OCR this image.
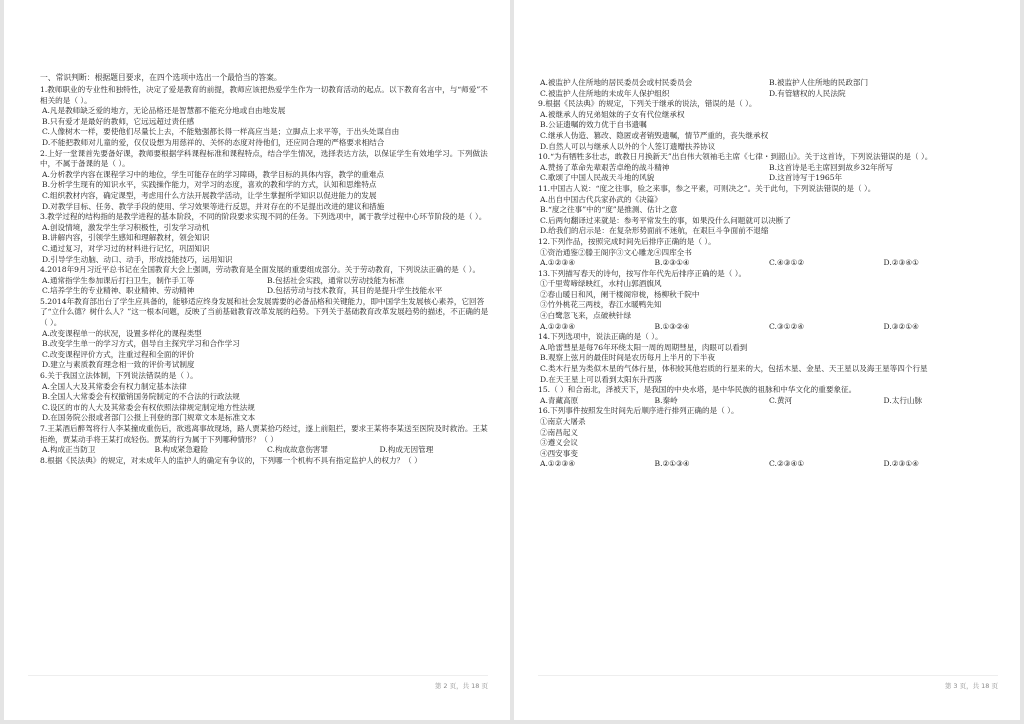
一、常识判断：根据题目要求，在四个选项中选出一个最恰当的答案。

1.教师职业的专业性和独特性，决定了爱是教育的前提，教师应该把热爱学生作为一切教育活动的起点。以下教育名言中，与“师爱”不相关的是（ ）。

A.凡是教师缺乏爱的地方，无论品格还是智慧都不能充分地或自由地发展

B.只有爱才是最好的教师，它远远超过责任感

C.人像树木一样，要使他们尽量长上去，不能勉强都长得一样高应当是；立脚点上求平等，于出头处谋自由

D.不能把教师对儿童的爱，仅仅设想为用慈祥的、关怀的态度对待他们，还应同合理的严格要求相结合

2.上好一堂课首先要备好课，教师要根据学科课程标准和课程特点，结合学生情况，选择表达方法，以保证学生有效地学习。下列做法中，不属于备课的是（ ）。

A.分析教学内容在课程学习中的地位，学生可能存在的学习障碍，教学目标的具体内容，教学的重难点

B.分析学生现有的知识水平，实践操作能力，对学习的态度，喜欢的教和学的方式，认知和思维特点

C.组织教材内容，确定课型，考虑用什么方法开展教学活动，让学生掌握所学知识以促进能力的发展

D.对教学目标、任务、教学手段的使用、学习效果等进行反思，并对存在的不足提出改进的建议和措施

3.教学过程的结构指的是教学进程的基本阶段，不同的阶段要求实现不同的任务。下列选项中，属于教学过程中心环节阶段的是（ ）。

A.创设情境，激发学生学习积极性，引发学习动机

B.讲解内容，引领学生感知和理解教材，领会知识

C.通过复习，对学习过的材料进行记忆，巩固知识

D.引导学生动脑、动口、动手，形成技能技巧，运用知识

4.2018年9月习近平总书记在全国教育大会上强调，劳动教育是全面发展的重要组成部分。关于劳动教育，下列说法正确的是（ ）。

A.通常指学生参加课后打扫卫生，制作手工等	B.包括社会实践，通常以劳动技能为标准

C.培养学生的专业精神、职业精神、劳动精神	D.包括劳动与技术教育，其目的是提升学生技能水平

5.2014年教育部出台了学生应具备的，能够适应终身发展和社会发展需要的必备品格和关键能力，即中国学生发展核心素养，它回答了“立什么德？树什么人？”这一根本问题，反映了当前基础教育改革发展的趋势。下列关于基础教育改革发展趋势的描述，不正确的是（ ）。

A.改变课程单一的状况，设置多样化的课程类型

B.改变学生单一的学习方式，倡导自主探究学习和合作学习

C.改变课程评价方式，注重过程和全面的评价

D.建立与素质教育理念相一致的评价考试制度

6.关于我国立法体制，下列说法错误的是（ ）。

A.全国人大及其常委会有权力制定基本法律

B.全国人大常委会有权撤销国务院制定的不合法的行政法规

C.设区的市的人大及其常委会有权依照法律规定制定地方性法规

D.在国务院公报或者部门公报上刊登的部门规章文本是标准文本

7.王某酒后醉驾将行人李某撞成重伤后，欲逃离事故现场，路人贾某拾巧经过，遂上前阻拦，要求王某将李某送至医院及时救治。王某拒绝，贾某动手将王某打成轻伤。贾某的行为属于下列哪种情形？（ ）

A.构成正当防卫	B.构成紧急避险	C.构成故意伤害罪	D.构成无因管理

8.根据《民法典》的规定，对未成年人的监护人的确定有争议的，下列哪一个机构不具有指定监护人的权力？（ ）

第 2 页，共 18 页

A.被监护人住所地的居民委员会或村民委员会	B.被监护人住所地的民政部门

C.被监护人住所地的未成年人保护组织	D.有管辖权的人民法院

9.根据《民法典》的规定，下列关于继承的说法，错误的是（ ）。

A.被继承人的兄弟姐妹的子女有代位继承权

B.公证遗嘱的效力优于自书遗嘱

C.继承人伪造、篡改、隐匿或者销毁遗嘱，情节严重的，丧失继承权

D.自然人可以与继承人以外的个人签订遗赠扶养协议

10.“为有牺牲多壮志，敢教日月换新天”出自伟大领袖毛主席《七律・到韶山》。关于这首诗，下列说法错误的是（ ）。

A.赞扬了革命先辈艰苦卓绝的战斗精神	B.这首诗是毛主席回到故乡32年所写

C.歌颂了中国人民战天斗地的风貌	D.这首诗写于1965年

11.中国古人说：“度之往事，验之来事，参之平素，可则决之”。关于此句，下列说法错误的是（ ）。

A.出自中国古代兵家孙武的《决篇》

B.“度之往事”中的“度”是推测、估计之意

C.后两句翻译过来就是：参考平常发生的事，如果没什么问题就可以决断了

D.给我们的启示是：在复杂形势面前不迷航，在艰巨斗争面前不退缩

12.下列作品，按照完成时间先后排序正确的是（ ）。

①资治通鉴②滕王阁序③文心雕龙④四库全书

A.①②③④	B.②③①④	C.④③①②	D.②③④①

13.下列描写春天的诗句，按写作年代先后排序正确的是（ ）。

①千里莺啼绿映红，水村山郭酒旗风

②春山暖日和风，阑干楼阁帘栊，杨柳秋千院中

③竹外桃花三两枝，春江水暖鸭先知

④白鹭忽飞来，点破秧针绿

A.①②③④	B.①③②④	C.③①②④	D.③②①④

14.下列选项中，说法正确的是（ ）。

A.哈雷彗星是每76年环绕太阳一周的周期彗星，肉眼可以看到

B.观察上弦月的最佳时间是农历每月上半月的下半夜

C.类木行星为类似木星的气体行星，体积较其他岩质的行星来的大，包括木星、金星、天王星以及海王星等四个行星

D.在天王星上可以看到太阳东升西落

15.（ ）和合南北，泽被天下，是我国的中央水塔，是中华民族的祖脉和中华文化的重要象征。

A.青藏高原	B.秦岭	C.黄河	D.太行山脉

16.下列事件按照发生时间先后顺序进行排列正确的是（ ）。

①南京大屠杀

②南昌起义

③遵义会议

④西安事变

A.①②③④	B.②①③④	C.②③④①	D.②③①④

第 3 页，共 18 页
